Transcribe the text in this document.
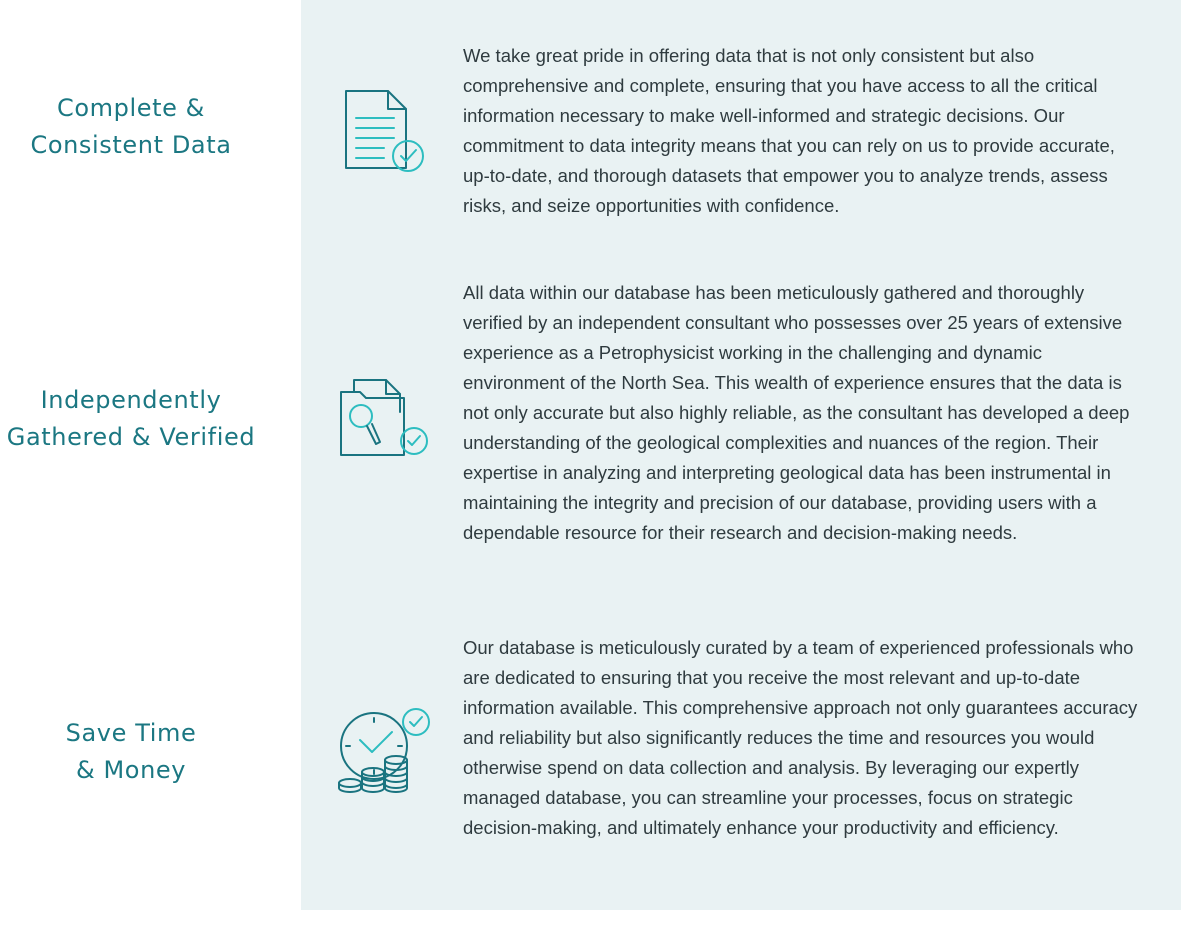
Complete &
Consistent Data
We take great pride in offering data that is not only consistent but also comprehensive and complete, ensuring that you have access to all the critical information necessary to make well-informed and strategic decisions. Our commitment to data integrity means that you can rely on us to provide accurate, up-to-date, and thorough datasets that empower you to analyze trends, assess risks, and seize opportunities with confidence.
Independently
Gathered & Verified
All data within our database has been meticulously gathered and thoroughly verified by an independent consultant who possesses over 25 years of extensive experience as a Petrophysicist working in the challenging and dynamic environment of the North Sea. This wealth of experience ensures that the data is not only accurate but also highly reliable, as the consultant has developed a deep understanding of the geological complexities and nuances of the region. Their expertise in analyzing and interpreting geological data has been instrumental in maintaining the integrity and precision of our database, providing users with a dependable resource for their research and decision-making needs.
Save Time
& Money
Our database is meticulously curated by a team of experienced professionals who are dedicated to ensuring that you receive the most relevant and up-to-date information available. This comprehensive approach not only guarantees accuracy and reliability but also significantly reduces the time and resources you would otherwise spend on data collection and analysis. By leveraging our expertly managed database, you can streamline your processes, focus on strategic decision-making, and ultimately enhance your productivity and efficiency.
